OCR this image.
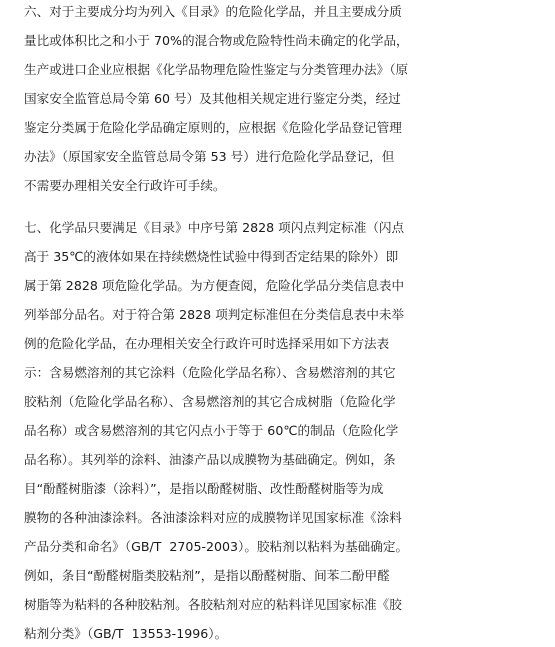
六、对于主要成分均为列入《目录》的危险化学品，并且主要成分质
量比或体积比之和小于 70%的混合物或危险特性尚未确定的化学品，
生产或进口企业应根据《化学品物理危险性鉴定与分类管理办法》（原
国家安全监管总局令第 60 号）及其他相关规定进行鉴定分类，经过
鉴定分类属于危险化学品确定原则的，应根据《危险化学品登记管理
办法》（原国家安全监管总局令第 53 号）进行危险化学品登记，但
不需要办理相关安全行政许可手续。
七、化学品只要满足《目录》中序号第 2828 项闪点判定标准（闪点
高于 35℃的液体如果在持续燃烧性试验中得到否定结果的除外）即
属于第 2828 项危险化学品。为方便查阅，危险化学品分类信息表中
列举部分品名。对于符合第 2828 项判定标准但在分类信息表中未举
例的危险化学品，在办理相关安全行政许可时选择采用如下方法表
示：含易燃溶剂的其它涂料（危险化学品名称）、含易燃溶剂的其它
胶粘剂（危险化学品名称）、含易燃溶剂的其它合成树脂（危险化学
品名称）或含易燃溶剂的其它闪点小于等于 60℃的制品（危险化学
品名称）。其列举的涂料、油漆产品以成膜物为基础确定。例如，条
目“酚醛树脂漆（涂料）”，是指以酚醛树脂、改性酚醛树脂等为成
膜物的各种油漆涂料。各油漆涂料对应的成膜物详见国家标准《涂料
产品分类和命名》（GB/T  2705-2003）。胶粘剂以粘料为基础确定。
例如，条目“酚醛树脂类胶粘剂”，是指以酚醛树脂、间苯二酚甲醛
树脂等为粘料的各种胶粘剂。各胶粘剂对应的粘料详见国家标准《胶
粘剂分类》（GB/T  13553-1996）。
